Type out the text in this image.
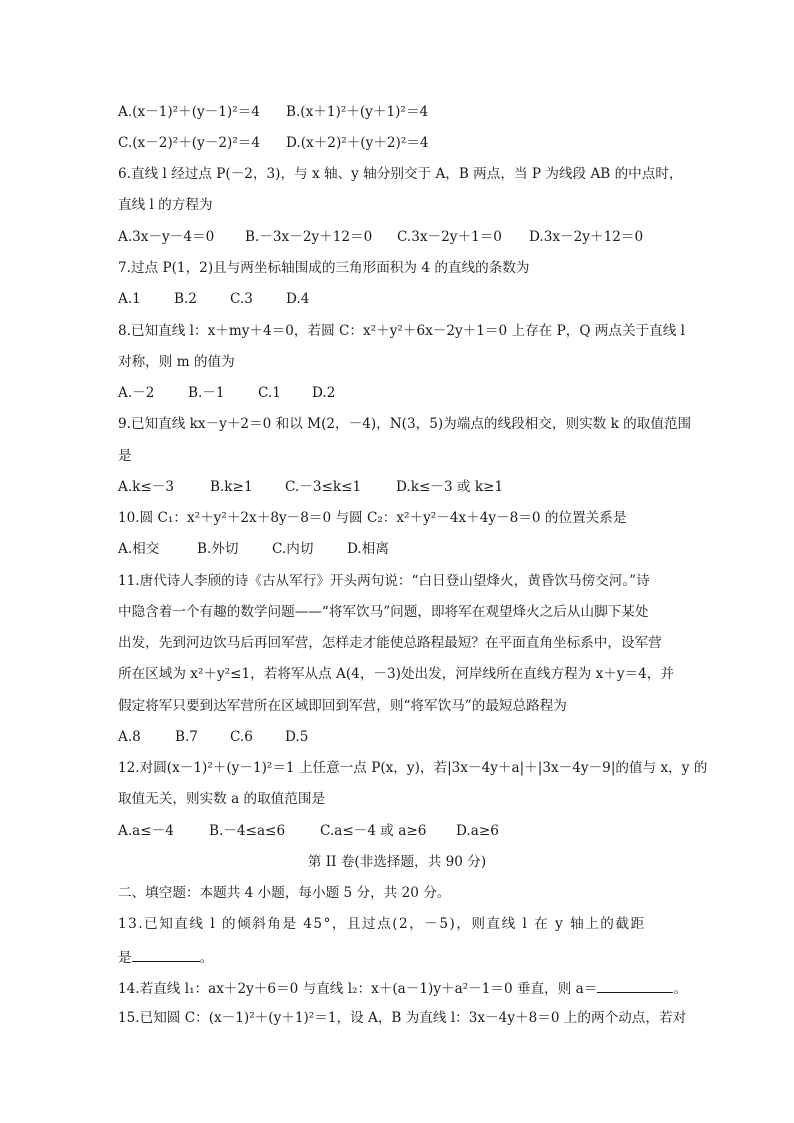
A.(x－1)²＋(y－1)²＝4 B.(x＋1)²＋(y＋1)²＝4
C.(x－2)²＋(y－2)²＝4 D.(x＋2)²＋(y＋2)²＝4
6.直线 l 经过点 P(－2，3)，与 x 轴、y 轴分别交于 A，B 两点，当 P 为线段 AB 的中点时，
直线 l 的方程为
A.3x－y－4＝0 B.－3x－2y＋12＝0 C.3x－2y＋1＝0 D.3x－2y＋12＝0
7.过点 P(1，2)且与两坐标轴围成的三角形面积为 4 的直线的条数为
A.1 B.2 C.3 D.4
8.已知直线 l：x＋my＋4＝0，若圆 C：x²＋y²＋6x－2y＋1＝0 上存在 P，Q 两点关于直线 l
对称，则 m 的值为
A.－2 B.－1 C.1 D.2
9.已知直线 kx－y＋2＝0 和以 M(2，－4)，N(3，5)为端点的线段相交，则实数 k 的取值范围
是
A.k≤－3	B.k≥1 C.－3≤k≤1	D.k≤－3 或 k≥1
10.圆 C₁：x²＋y²＋2x＋8y－8＝0 与圆 C₂：x²＋y²－4x＋4y－8＝0 的位置关系是
A.相交	B.外切 C.内切 D.相离
11.唐代诗人李颀的诗《古从军行》开头两句说：“白日登山望烽火，黄昏饮马傍交河。”诗
中隐含着一个有趣的数学问题——“将军饮马”问题，即将军在观望烽火之后从山脚下某处
出发，先到河边饮马后再回军营，怎样走才能使总路程最短？在平面直角坐标系中，设军营
所在区域为 x²＋y²≤1，若将军从点 A(4，－3)处出发，河岸线所在直线方程为 x＋y＝4，并
假定将军只要到达军营所在区域即回到军营，则“将军饮马”的最短总路程为
A.8	B.7 C.6 D.5
12.对圆(x－1)²＋(y－1)²＝1 上任意一点 P(x，y)，若|3x－4y＋a|＋|3x－4y－9|的值与 x，y 的
取值无关，则实数 a 的取值范围是
A.a≤－4	B.－4≤a≤6	C.a≤－4 或 a≥6 D.a≥6
第 II 卷(非选择题，共 90 分)
二、填空题：本题共 4 小题，每小题 5 分，共 20 分。
13.已知直线 l 的倾斜角是 45°，且过点(2，－5)，则直线 l 在 y 轴上的截距
是	。
14.若直线 l₁：ax＋2y＋6＝0 与直线 l₂：x＋(a－1)y＋a²－1＝0 垂直，则 a＝	。
15.已知圆 C：(x－1)²＋(y＋1)²＝1，设 A，B 为直线 l：3x－4y＋8＝0 上的两个动点，若对
